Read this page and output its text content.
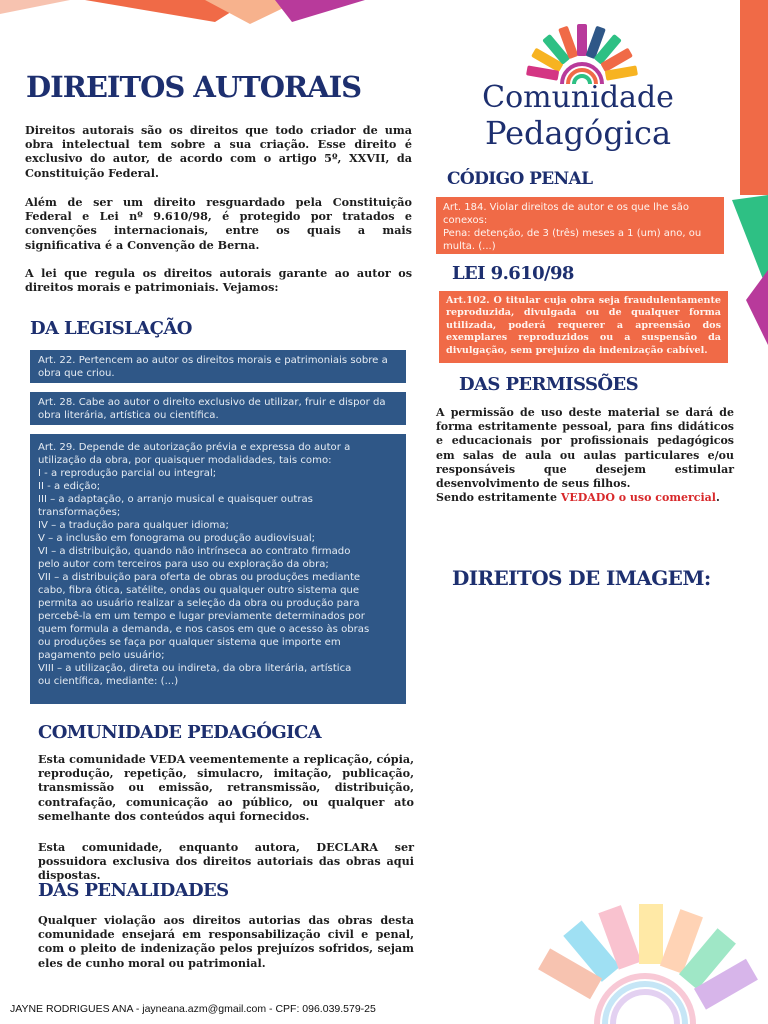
Comunidade
Pedagógica
DIREITOS AUTORAIS
Direitos autorais são os direitos que todo criador de uma obra intelectual tem sobre a sua criação. Esse direito é exclusivo do autor, de acordo com o artigo 5º, XXVII, da Constituição Federal.
Além de ser um direito resguardado pela Constituição Federal e Lei nº 9.610/98, é protegido por tratados e convenções internacionais, entre os quais a mais significativa é a Convenção de Berna.
A lei que regula os direitos autorais garante ao autor os direitos morais e patrimoniais. Vejamos:
DA LEGISLAÇÃO
Art. 22. Pertencem ao autor os direitos morais e patrimoniais sobre a obra que criou.
Art. 28. Cabe ao autor o direito exclusivo de utilizar, fruir e dispor da obra literária, artística ou científica.
Art. 29. Depende de autorização prévia e expressa do autor a
utilização da obra, por quaisquer modalidades, tais como:
I - a reprodução parcial ou integral;
II - a edição;
III – a adaptação, o arranjo musical e quaisquer outras
transformações;
IV – a tradução para qualquer idioma;
V – a inclusão em fonograma ou produção audiovisual;
VI – a distribuição, quando não intrínseca ao contrato firmado
pelo autor com terceiros para uso ou exploração da obra;
VII – a distribuição para oferta de obras ou produções mediante
cabo, fibra ótica, satélite, ondas ou qualquer outro sistema que
permita ao usuário realizar a seleção da obra ou produção para
percebê-la em um tempo e lugar previamente determinados por
quem formula a demanda, e nos casos em que o acesso às obras
ou produções se faça por qualquer sistema que importe em
pagamento pelo usuário;
VIII – a utilização, direta ou indireta, da obra literária, artística
ou científica, mediante: (...)
COMUNIDADE PEDAGÓGICA
Esta comunidade VEDA veementemente a replicação, cópia, reprodução, repetição, simulacro, imitação, publicação, transmissão ou emissão, retransmissão, distribuição, contrafação, comunicação ao público, ou qualquer ato semelhante dos conteúdos aqui fornecidos.
Esta comunidade, enquanto autora, DECLARA ser possuidora exclusiva dos direitos autoriais das obras aqui dispostas.
DAS PENALIDADES
Qualquer violação aos direitos autorias das obras desta comunidade ensejará em responsabilização civil e penal, com o pleito de indenização pelos prejuízos sofridos, sejam eles de cunho moral ou patrimonial.
CÓDIGO PENAL
Art. 184. Violar direitos de autor e os que lhe são conexos:
Pena: detenção, de 3 (três) meses a 1 (um) ano, ou multa. (...)
LEI 9.610/98
Art.102. O titular cuja obra seja fraudulentamente reproduzida, divulgada ou de qualquer forma utilizada, poderá requerer a apreensão dos exemplares reproduzidos ou a suspensão da divulgação, sem prejuízo da indenização cabível.
DAS PERMISSÕES
A permissão de uso deste material se dará de forma estritamente pessoal, para fins didáticos e educacionais por profissionais pedagógicos em salas de aula ou aulas particulares e/ou responsáveis que desejem estimular desenvolvimento de seus filhos.
Sendo estritamente VEDADO o uso comercial.
DIREITOS DE IMAGEM:
JAYNE RODRIGUES ANA - jayneana.azm@gmail.com - CPF: 096.039.579-25
